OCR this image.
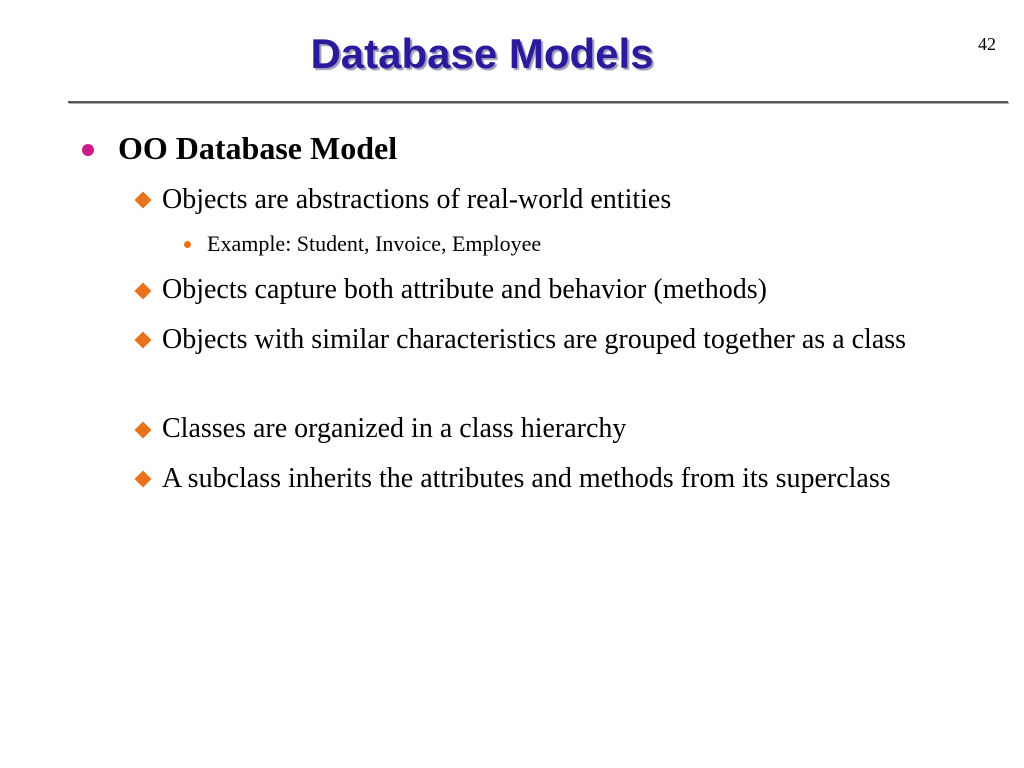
Database Models	42
OO Database Model
Objects are abstractions of real-world entities
Example: Student, Invoice, Employee
Objects capture both attribute and behavior (methods)
Objects with similar characteristics are grouped together as a class
Classes are organized in a class hierarchy
A subclass inherits the attributes and methods from its superclass
